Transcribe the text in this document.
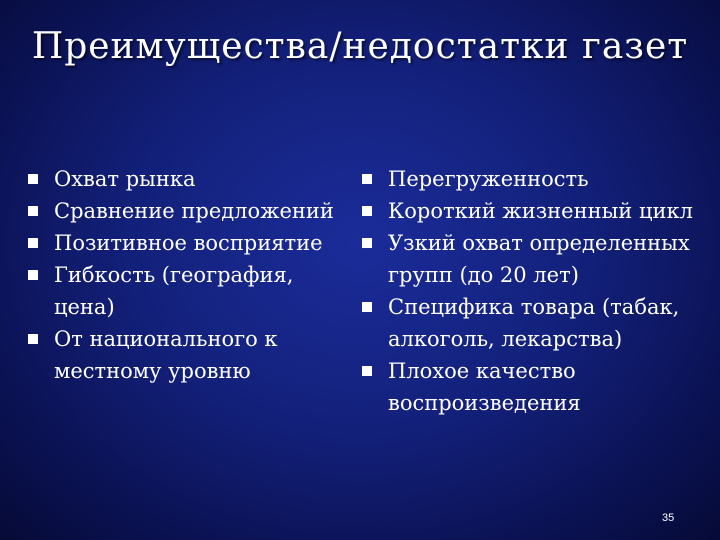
Преимущества/недостатки газет
Охват рынка
Сравнение предложений
Позитивное восприятие
Гибкость (география, цена)
От национального к местному уровню
Перегруженность
Короткий жизненный цикл
Узкий охват определенных групп (до 20 лет)
Специфика товара (табак, алкоголь, лекарства)
Плохое качество воспроизведения
35
